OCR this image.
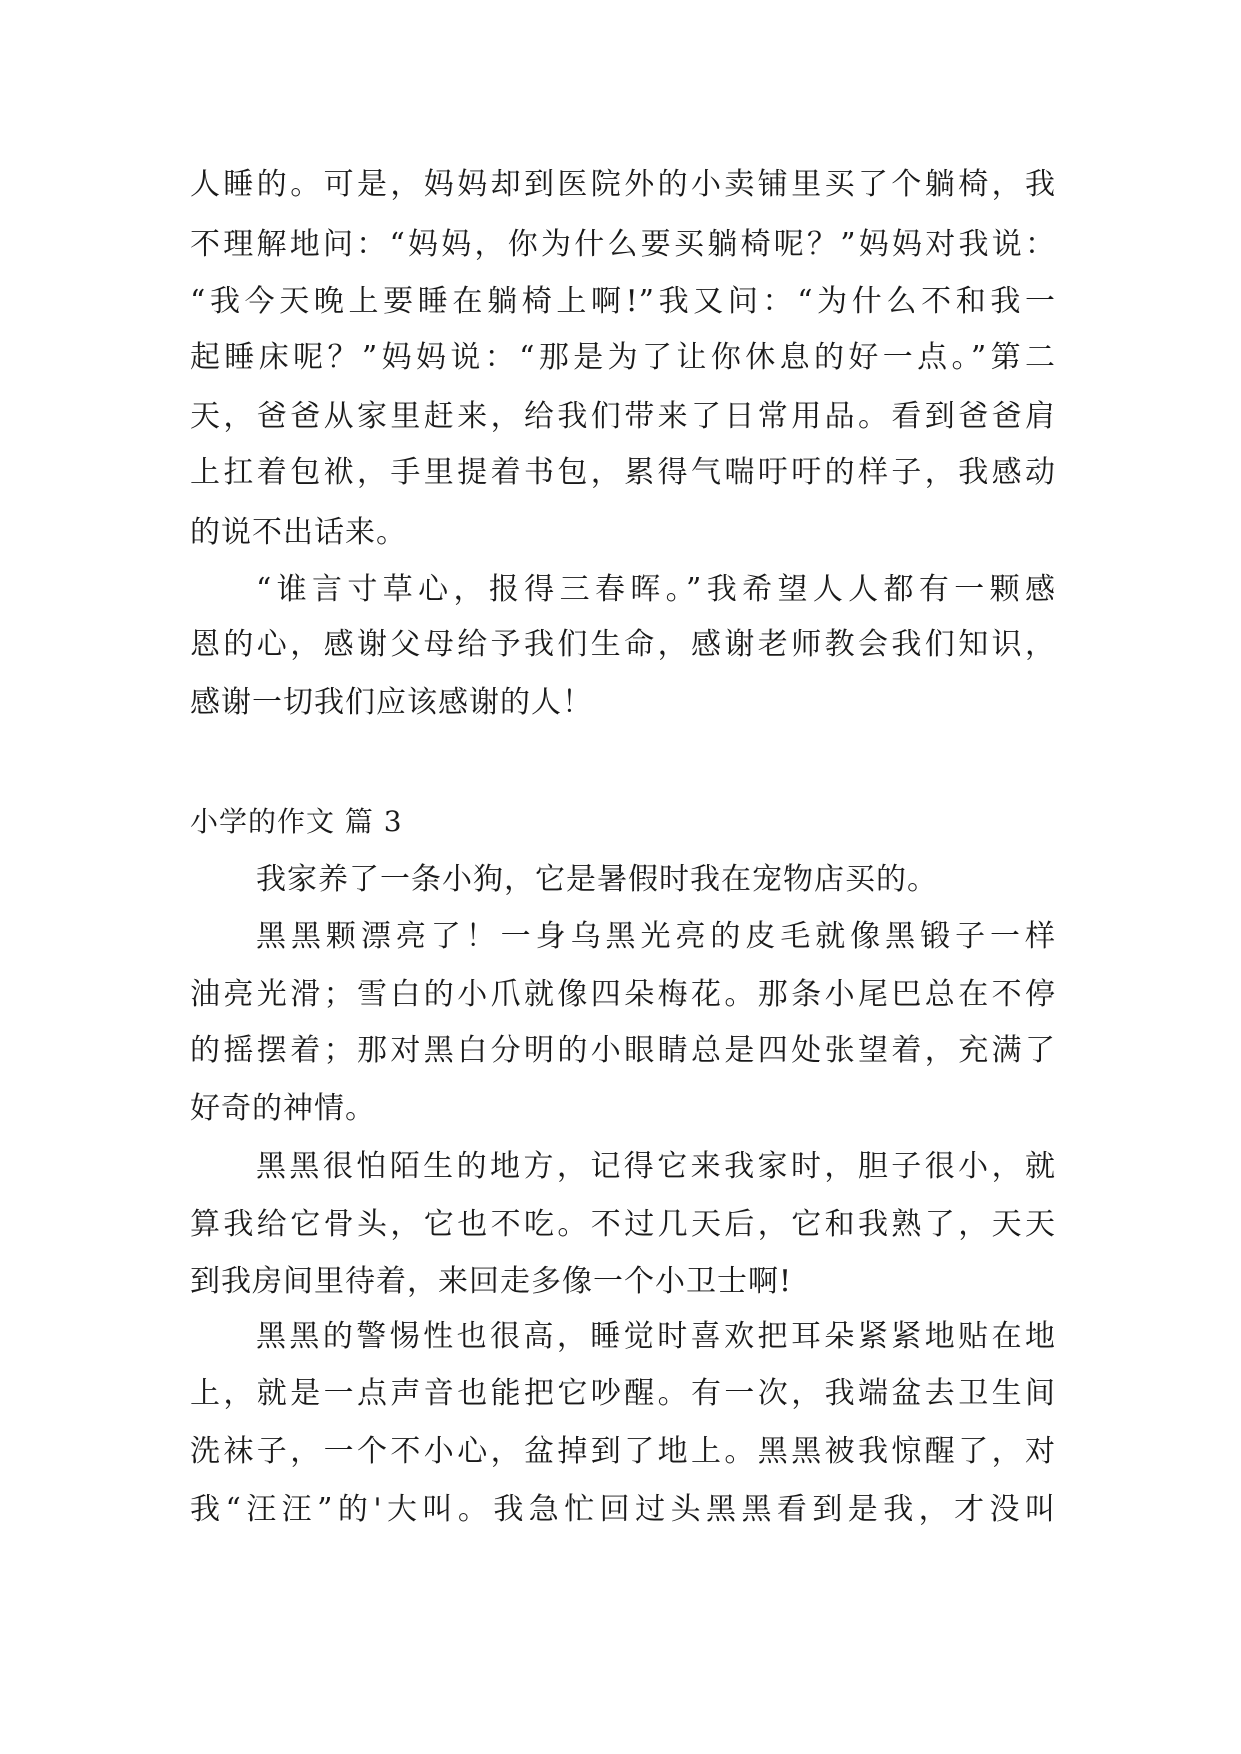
人睡的。可是，妈妈却到医院外的小卖铺里买了个躺椅，我
不理解地问：“妈妈，你为什么要买躺椅呢？”妈妈对我说：
“我今天晚上要睡在躺椅上啊!”我又问：“为什么不和我一
起睡床呢？”妈妈说：“那是为了让你休息的好一点。”第二
天，爸爸从家里赶来，给我们带来了日常用品。看到爸爸肩
上扛着包袱，手里提着书包，累得气喘吁吁的样子，我感动
的说不出话来。
“谁言寸草心，报得三春晖。”我希望人人都有一颗感
恩的心，感谢父母给予我们生命，感谢老师教会我们知识，
感谢一切我们应该感谢的人！
小学的作文 篇 3
我家养了一条小狗，它是暑假时我在宠物店买的。
黑黑颗漂亮了！一身乌黑光亮的皮毛就像黑锻子一样
油亮光滑；雪白的小爪就像四朵梅花。那条小尾巴总在不停
的摇摆着；那对黑白分明的小眼睛总是四处张望着，充满了
好奇的神情。
黑黑很怕陌生的地方，记得它来我家时，胆子很小，就
算我给它骨头，它也不吃。不过几天后，它和我熟了，天天
到我房间里待着，来回走多像一个小卫士啊!
黑黑的警惕性也很高，睡觉时喜欢把耳朵紧紧地贴在地
上，就是一点声音也能把它吵醒。有一次，我端盆去卫生间
洗袜子，一个不小心，盆掉到了地上。黑黑被我惊醒了，对
我“汪汪”的'大叫。我急忙回过头黑黑看到是我，才没叫
